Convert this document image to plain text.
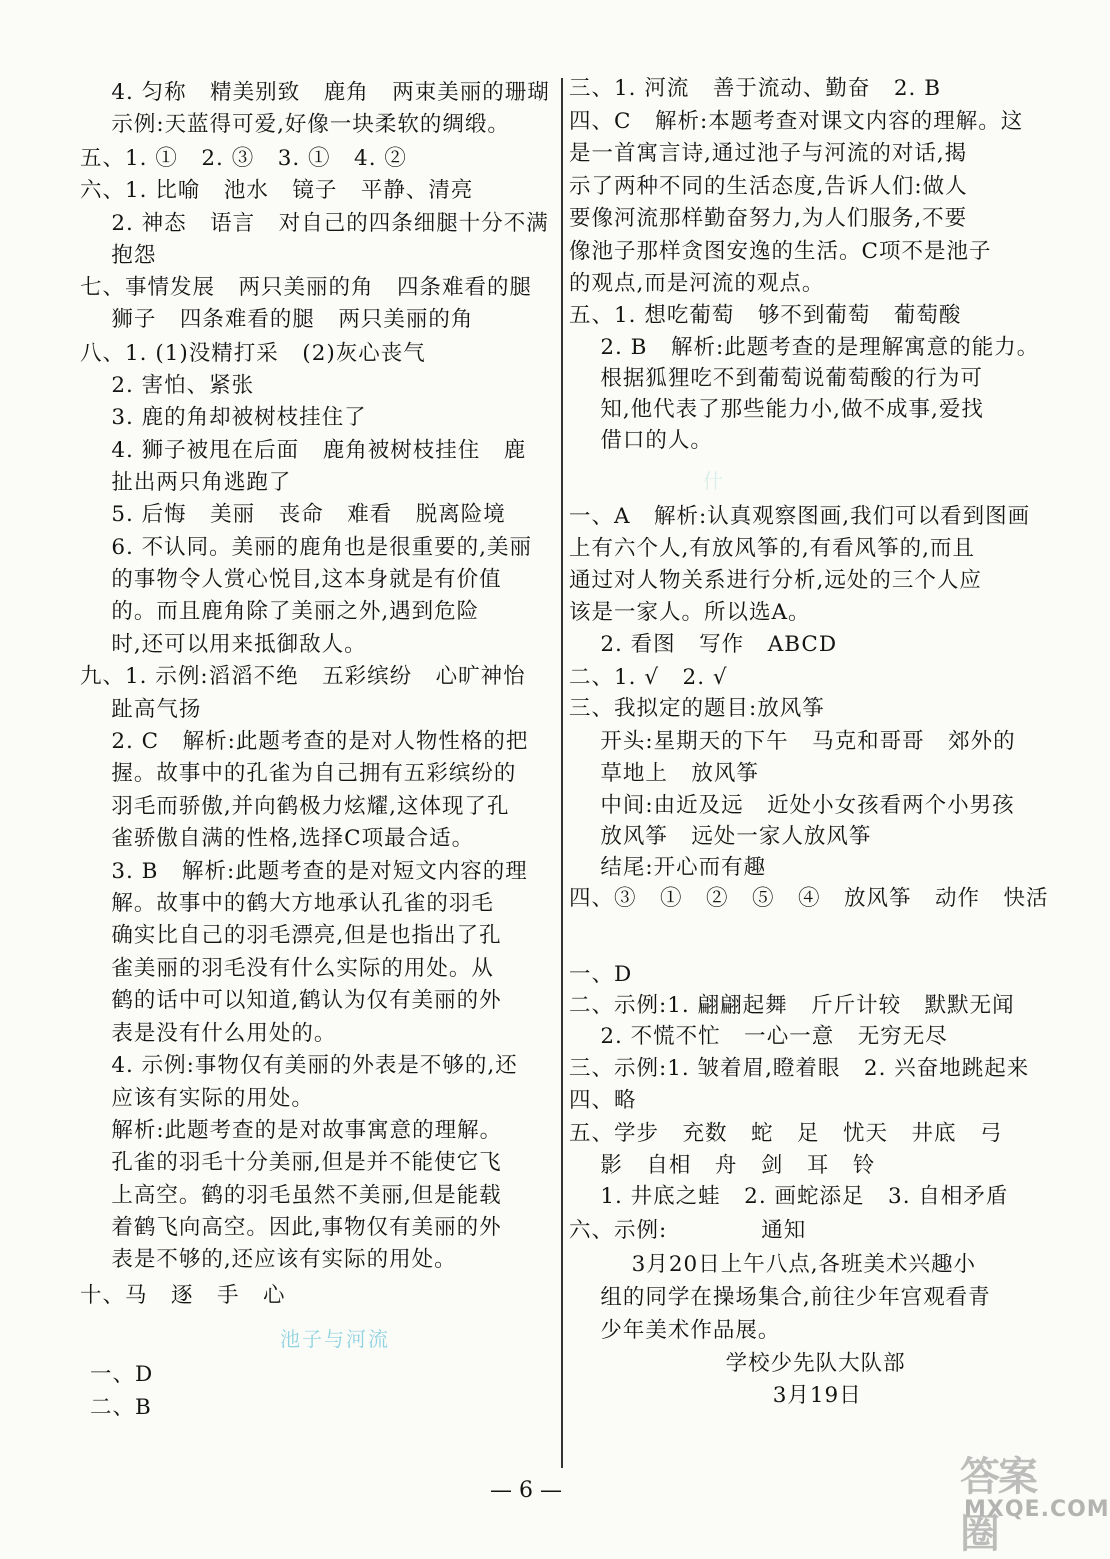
4. 匀称   精美别致   鹿角   两束美丽的珊瑚
示例:天蓝得可爱,好像一块柔软的绸缎。
五、1. ①   2. ③   3. ①   4. ②
六、1. 比喻   池水   镜子   平静、清亮
2. 神态   语言   对自己的四条细腿十分不满
抱怨
七、事情发展   两只美丽的角   四条难看的腿
狮子   四条难看的腿   两只美丽的角
八、1. (1)没精打采   (2)灰心丧气
2. 害怕、紧张
3. 鹿的角却被树枝挂住了
4. 狮子被甩在后面   鹿角被树枝挂住   鹿
扯出两只角逃跑了
5. 后悔   美丽   丧命   难看   脱离险境
6. 不认同。美丽的鹿角也是很重要的,美丽
的事物令人赏心悦目,这本身就是有价值
的。而且鹿角除了美丽之外,遇到危险
时,还可以用来抵御敌人。
九、1. 示例:滔滔不绝   五彩缤纷   心旷神怡
趾高气扬
2. C   解析:此题考查的是对人物性格的把
握。故事中的孔雀为自己拥有五彩缤纷的
羽毛而骄傲,并向鹤极力炫耀,这体现了孔
雀骄傲自满的性格,选择C项最合适。
3. B   解析:此题考查的是对短文内容的理
解。故事中的鹤大方地承认孔雀的羽毛
确实比自己的羽毛漂亮,但是也指出了孔
雀美丽的羽毛没有什么实际的用处。从
鹤的话中可以知道,鹤认为仅有美丽的外
表是没有什么用处的。
4. 示例:事物仅有美丽的外表是不够的,还
应该有实际的用处。
解析:此题考查的是对故事寓意的理解。
孔雀的羽毛十分美丽,但是并不能使它飞
上高空。鹤的羽毛虽然不美丽,但是能载
着鹤飞向高空。因此,事物仅有美丽的外
表是不够的,还应该有实际的用处。
十、马   逐   手   心
池子与河流
一、D
二、B
三、1. 河流   善于流动、勤奋   2. B
四、C   解析:本题考查对课文内容的理解。这
是一首寓言诗,通过池子与河流的对话,揭
示了两种不同的生活态度,告诉人们:做人
要像河流那样勤奋努力,为人们服务,不要
像池子那样贪图安逸的生活。C项不是池子
的观点,而是河流的观点。
五、1. 想吃葡萄   够不到葡萄   葡萄酸
2. B   解析:此题考查的是理解寓意的能力。
根据狐狸吃不到葡萄说葡萄酸的行为可
知,他代表了那些能力小,做不成事,爱找
借口的人。
什
一、A   解析:认真观察图画,我们可以看到图画
上有六个人,有放风筝的,有看风筝的,而且
通过对人物关系进行分析,远处的三个人应
该是一家人。所以选A。
2. 看图   写作   ABCD
二、1. √   2. √
三、我拟定的题目:放风筝
开头:星期天的下午   马克和哥哥   郊外的
草地上   放风筝
中间:由近及远   近处小女孩看两个小男孩
放风筝   远处一家人放风筝
结尾:开心而有趣
四、③   ①   ②   ⑤   ④   放风筝   动作   快活
一、D
二、示例:1. 翩翩起舞   斤斤计较   默默无闻
2. 不慌不忙   一心一意   无穷无尽
三、示例:1. 皱着眉,瞪着眼   2. 兴奋地跳起来
四、略
五、学步   充数   蛇   足   忧天   井底   弓
影   自相   舟   剑   耳   铃
1. 井底之蛙   2. 画蛇添足   3. 自相矛盾
六、示例:            通知
3月20日上午八点,各班美术兴趣小
组的同学在操场集合,前往少年宫观看青
少年美术作品展。
学校少先队大队部
3月19日
— 6 —	答案圈
MXQE.COM
